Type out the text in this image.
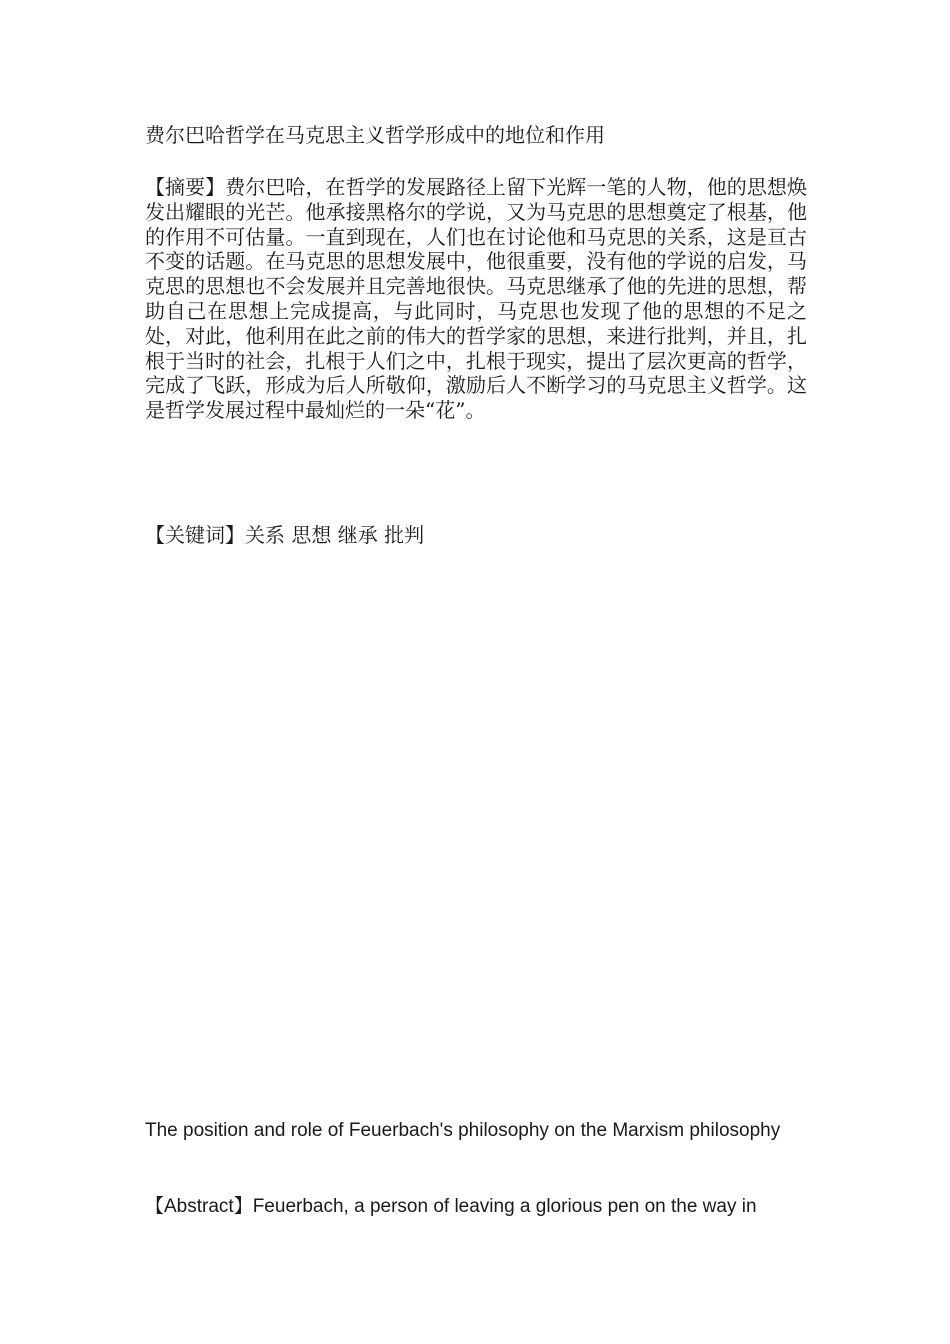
费尔巴哈哲学在马克思主义哲学形成中的地位和作用

【摘要】费尔巴哈，在哲学的发展路径上留下光辉一笔的人物，他的思想焕发出耀眼的光芒。他承接黑格尔的学说，又为马克思的思想奠定了根基，他的作用不可估量。一直到现在，人们也在讨论他和马克思的关系，这是亘古不变的话题。在马克思的思想发展中，他很重要，没有他的学说的启发，马克思的思想也不会发展并且完善地很快。马克思继承了他的先进的思想，帮助自己在思想上完成提高，与此同时，马克思也发现了他的思想的不足之处，对此，他利用在此之前的伟大的哲学家的思想，来进行批判，并且，扎根于当时的社会，扎根于人们之中，扎根于现实，提出了层次更高的哲学，完成了飞跃，形成为后人所敬仰，激励后人不断学习的马克思主义哲学。这是哲学发展过程中最灿烂的一朵“花”。

【关键词】关系 思想 继承 批判

The position and role of Feuerbach's philosophy on the Marxism philosophy

【Abstract】Feuerbach, a person of leaving a glorious pen on the way in
